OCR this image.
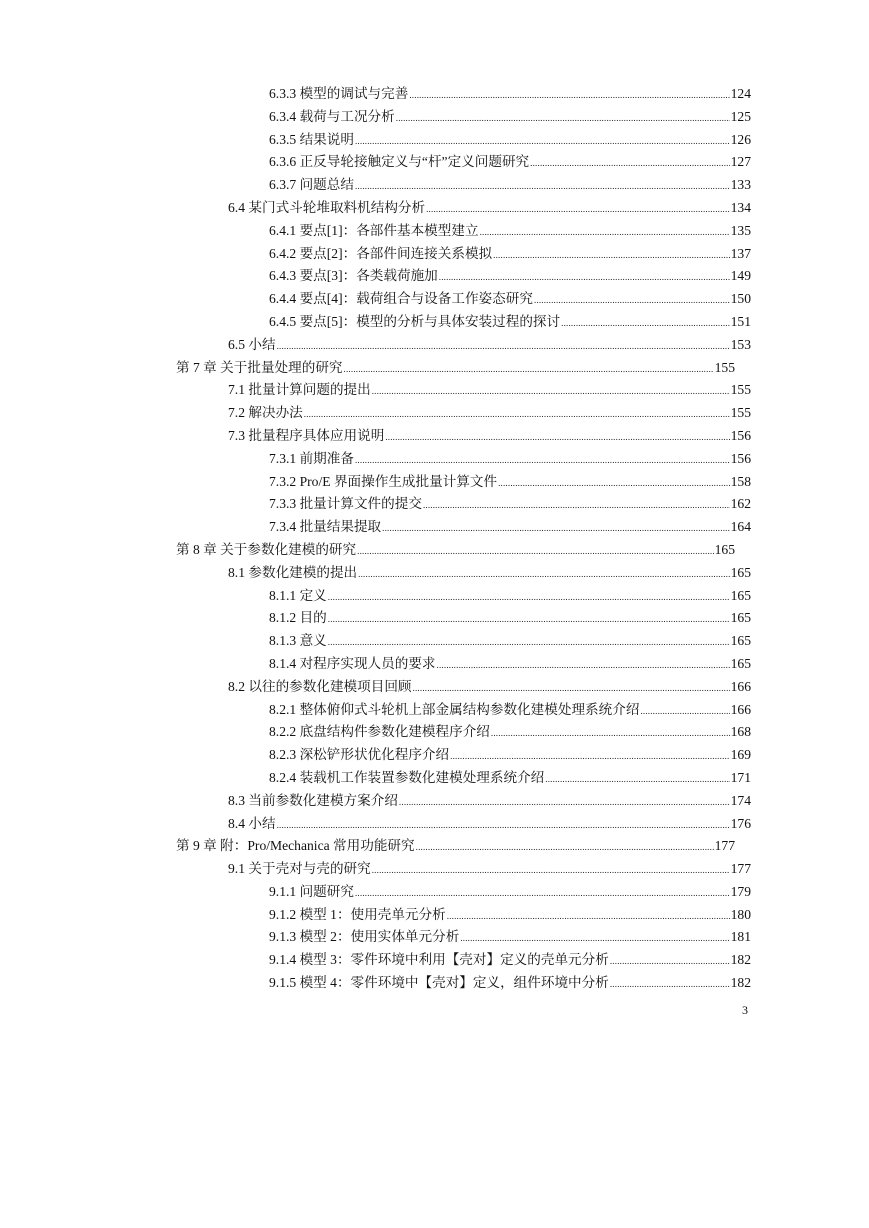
6.3.3 模型的调试与完善 .....	124
6.3.4 载荷与工况分析 .....	125
6.3.5 结果说明 .....	126
6.3.6 正反导轮接触定义与“杆”定义问题研究 .....	127
6.3.7 问题总结 .....	133
6.4 某门式斗轮堆取料机结构分析 .....	134
6.4.1 要点[1]：各部件基本模型建立 .....	135
6.4.2 要点[2]：各部件间连接关系模拟 .....	137
6.4.3 要点[3]：各类载荷施加 .....	149
6.4.4 要点[4]：载荷组合与设备工作姿态研究 .....	150
6.4.5 要点[5]：模型的分析与具体安装过程的探讨 .....	151
6.5 小结 .....	153
第 7 章 关于批量处理的研究 .....	155
7.1 批量计算问题的提出 .....	155
7.2 解决办法 .....	155
7.3 批量程序具体应用说明 .....	156
7.3.1 前期准备 .....	156
7.3.2 Pro/E 界面操作生成批量计算文件 .....	158
7.3.3 批量计算文件的提交 .....	162
7.3.4 批量结果提取 .....	164
第 8 章 关于参数化建模的研究 .....	165
8.1 参数化建模的提出 .....	165
8.1.1 定义 .....	165
8.1.2 目的 .....	165
8.1.3 意义 .....	165
8.1.4 对程序实现人员的要求 .....	165
8.2 以往的参数化建模项目回顾 .....	166
8.2.1 整体俯仰式斗轮机上部金属结构参数化建模处理系统介绍 .....	166
8.2.2 底盘结构件参数化建模程序介绍 .....	168
8.2.3 深松铲形状优化程序介绍 .....	169
8.2.4 装载机工作装置参数化建模处理系统介绍 .....	171
8.3 当前参数化建模方案介绍 .....	174
8.4 小结 .....	176
第 9 章 附：Pro/Mechanica 常用功能研究 .....	177
9.1 关于壳对与壳的研究 .....	177
9.1.1 问题研究 .....	179
9.1.2 模型 1：使用壳单元分析 .....	180
9.1.3 模型 2：使用实体单元分析 .....	181
9.1.4 模型 3：零件环境中利用【壳对】定义的壳单元分析 .....	182
9.1.5 模型 4：零件环境中【壳对】定义，组件环境中分析 .....	182
3
